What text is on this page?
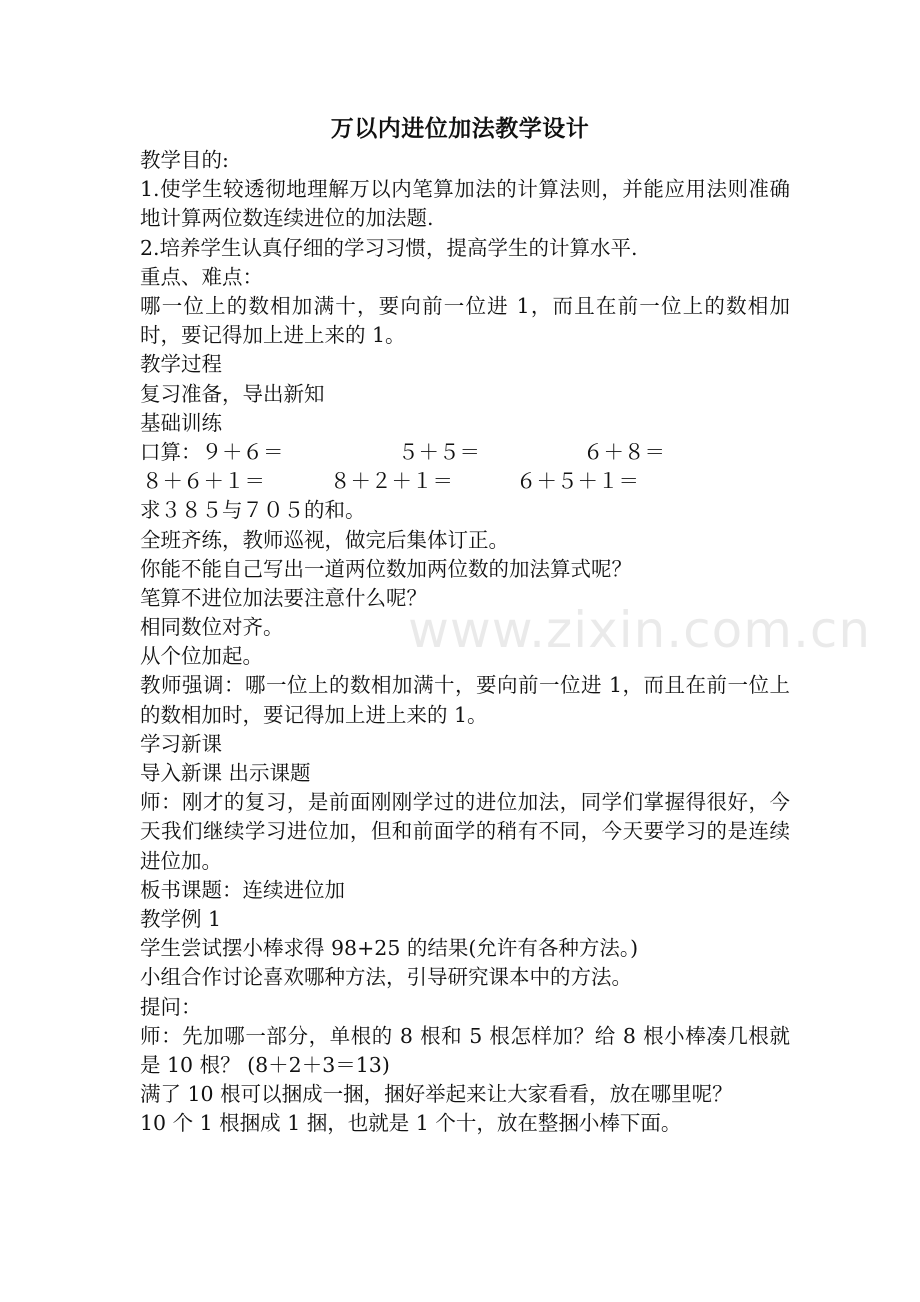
万以内进位加法教学设计
教学目的:
1.使学生较透彻地理解万以内笔算加法的计算法则，并能应用法则准确地计算两位数连续进位的加法题.
2.培养学生认真仔细的学习习惯，提高学生的计算水平.
重点、难点：
哪一位上的数相加满十，要向前一位进 1，而且在前一位上的数相加时，要记得加上进上来的 1。
教学过程
复习准备，导出新知
基础训练
口算：９＋６＝	５＋５＝	６＋８＝
８＋６＋１＝	８＋２＋１＝	６＋５＋１＝
求３８５与７０５的和。
全班齐练，教师巡视，做完后集体订正。
你能不能自己写出一道两位数加两位数的加法算式呢？
笔算不进位加法要注意什么呢？
相同数位对齐。
从个位加起。
教师强调：哪一位上的数相加满十，要向前一位进 1，而且在前一位上的数相加时，要记得加上进上来的 1。
学习新课
导入新课 出示课题
师：刚才的复习，是前面刚刚学过的进位加法，同学们掌握得很好，今天我们继续学习进位加，但和前面学的稍有不同，今天要学习的是连续进位加。
板书课题：连续进位加
教学例 1
学生尝试摆小棒求得 98+25 的结果(允许有各种方法。)
小组合作讨论喜欢哪种方法，引导研究课本中的方法。
提问：
师：先加哪一部分，单根的 8 根和 5 根怎样加？给 8 根小棒凑几根就是 10 根？ (8＋2＋3＝13)
满了 10 根可以捆成一捆，捆好举起来让大家看看，放在哪里呢？
10 个 1 根捆成 1 捆，也就是 1 个十，放在整捆小棒下面。
www.zixin.com.cn
